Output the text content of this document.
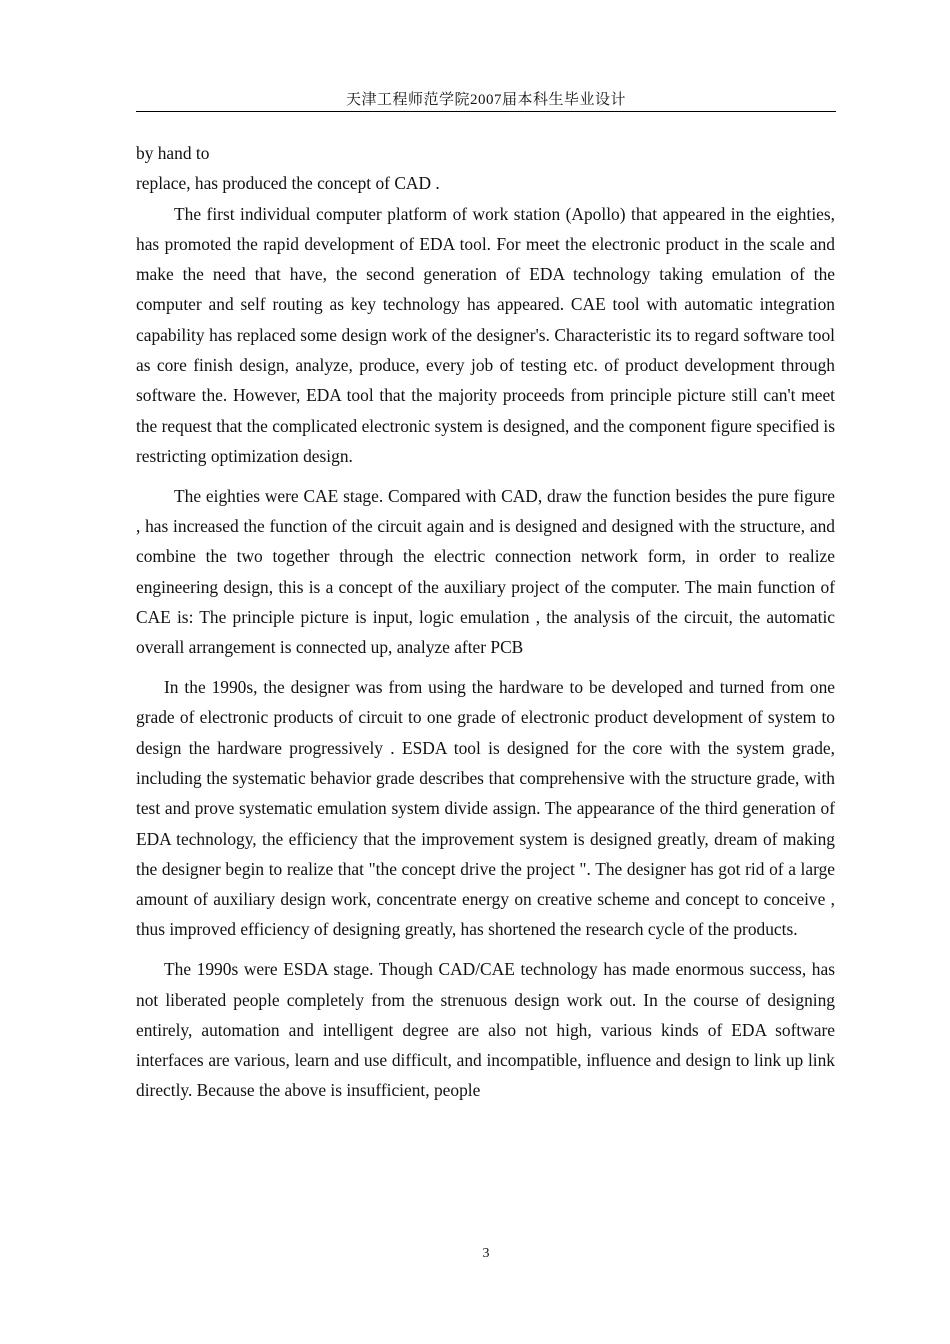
天津工程师范学院2007届本科生毕业设计

by hand to

replace, has produced the concept of CAD .

The first individual computer platform of work station (Apollo) that appeared in the eighties, has promoted the rapid development of EDA tool. For meet the electronic product in the scale and make the need that have, the second generation of EDA technology taking emulation of the computer and self routing as key technology has appeared. CAE tool with automatic integration capability has replaced some design work of the designer's. Characteristic its to regard software tool as core finish design, analyze, produce, every job of testing etc. of product development through software the. However, EDA tool that the majority proceeds from principle picture still can't meet the request that the complicated electronic system is designed, and the component figure specified is restricting optimization design.

The eighties were CAE stage. Compared with CAD, draw the function besides the pure figure , has increased the function of the circuit again and is designed and designed with the structure, and combine the two together through the electric connection network form, in order to realize engineering design, this is a concept of the auxiliary project of the computer. The main function of CAE is: The principle picture is input, logic emulation , the analysis of the circuit, the automatic overall arrangement is connected up, analyze after PCB

In the 1990s, the designer was from using the hardware to be developed and turned from one grade of electronic products of circuit to one grade of electronic product development of system to design the hardware progressively . ESDA tool is designed for the core with the system grade, including the systematic behavior grade describes that comprehensive with the structure grade, with test and prove systematic emulation system divide assign. The appearance of the third generation of EDA technology, the efficiency that the improvement system is designed greatly, dream of making the designer begin to realize that "the concept drive the project ". The designer has got rid of a large amount of auxiliary design work, concentrate energy on creative scheme and concept to conceive , thus improved efficiency of designing greatly, has shortened the research cycle of the products.

The 1990s were ESDA stage. Though CAD/CAE technology has made enormous success, has not liberated people completely from the strenuous design work out. In the course of designing entirely, automation and intelligent degree are also not high, various kinds of EDA software interfaces are various, learn and use difficult, and incompatible, influence and design to link up link directly. Because the above is insufficient, people

3
